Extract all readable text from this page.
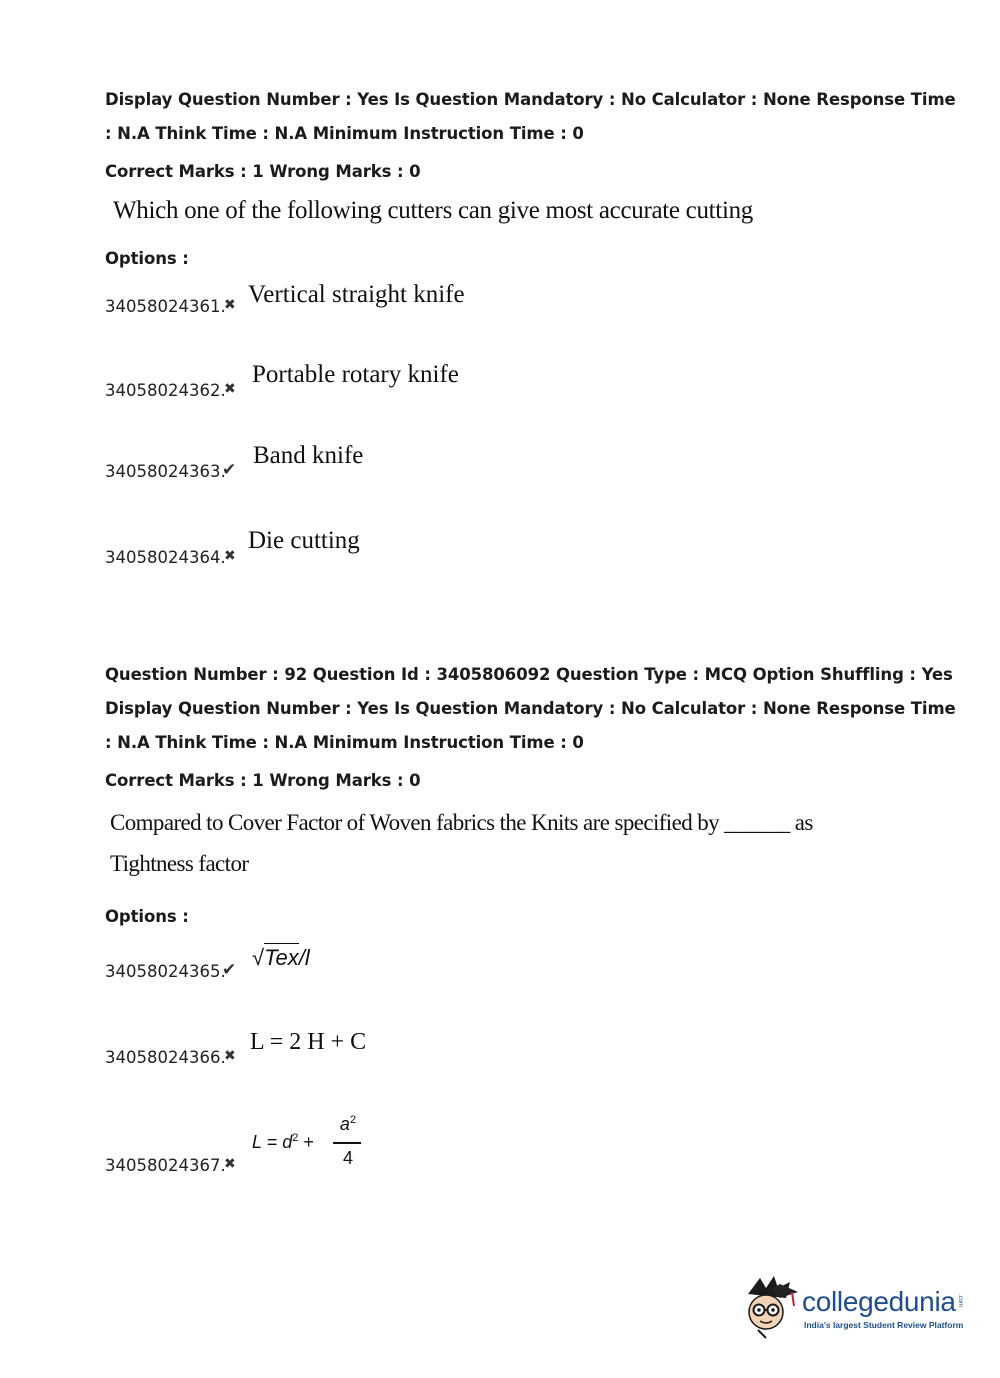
Display Question Number : Yes Is Question Mandatory : No Calculator : None Response Time
: N.A Think Time : N.A Minimum Instruction Time : 0
Correct Marks : 1 Wrong Marks : 0
Which one of the following cutters can give most accurate cutting
Options :
34058024361.
✖ Vertical straight knife
34058024362.
✖
Portable rotary knife
34058024363.
✔
Band knife
34058024364.
✖
Die cutting
Question Number : 92 Question Id : 3405806092 Question Type : MCQ Option Shuffling : Yes
Display Question Number : Yes Is Question Mandatory : No Calculator : None Response Time
: N.A Think Time : N.A Minimum Instruction Time : 0
Correct Marks : 1 Wrong Marks : 0
Compared to Cover Factor of Woven fabrics the Knits are specified by ______ as
Tightness factor
Options :
34058024365.
✔ √Tex/l
34058024366.
✖
L = 2 H + C
34058024367.
✖
$L = d^2$ +
$a^2$
4
collegedunia .com
India's largest Student Review Platform
